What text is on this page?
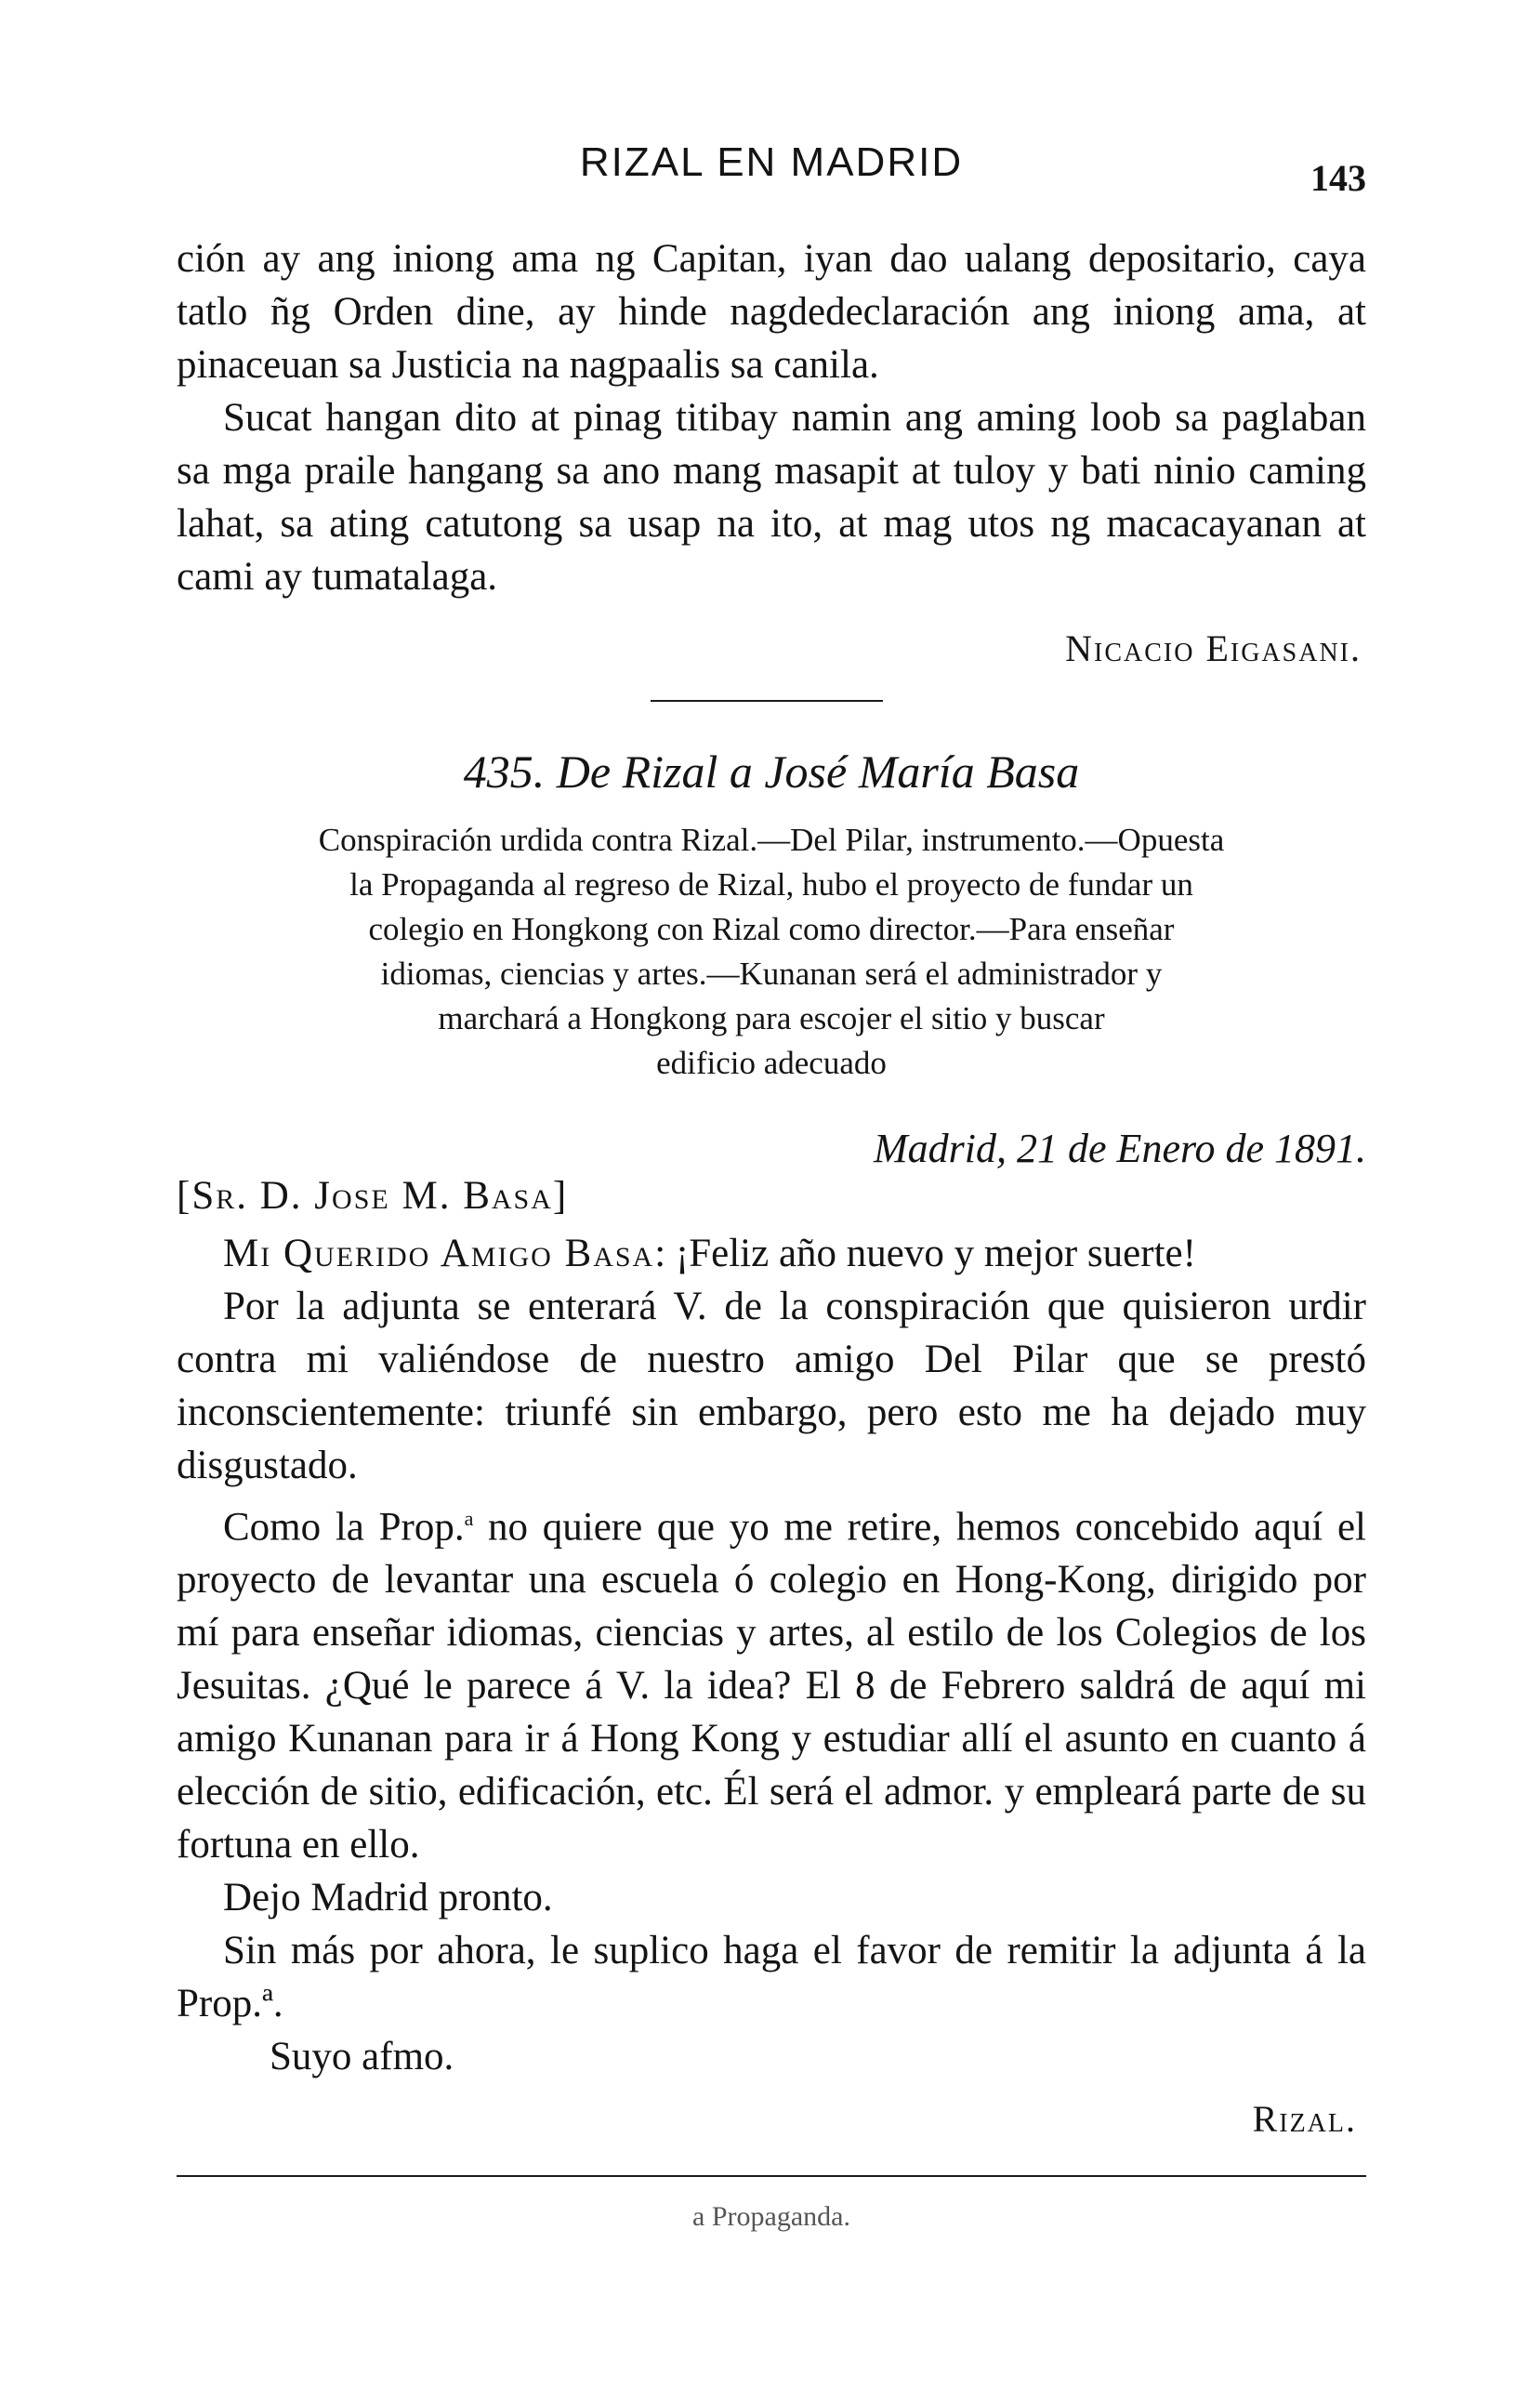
RIZAL EN MADRID	143

ción ay ang iniong ama ng Capitan, iyan dao ualang depositario, caya tatlo ñg Orden dine, ay hinde nagdedeclaración ang iniong ama, at pinaceuan sa Justicia na nagpaalis sa canila.

Sucat hangan dito at pinag titibay namin ang aming loob sa paglaban sa mga praile hangang sa ano mang masapit at tuloy y bati ninio caming lahat, sa ating catutong sa usap na ito, at mag utos ng macacayanan at cami ay tumatalaga.

Nicacio Eigasani.

435. De Rizal a José María Basa
Conspiración urdida contra Rizal.—Del Pilar, instrumento.—Opuesta
la Propaganda al regreso de Rizal, hubo el proyecto de fundar un
colegio en Hongkong con Rizal como director.—Para enseñar
idiomas, ciencias y artes.—Kunanan será el administrador y
marchará a Hongkong para escojer el sitio y buscar
edificio adecuado
Madrid, 21 de Enero de 1891.
[Sr. D. Jose M. Basa]

Mi Querido Amigo Basa: ¡Feliz año nuevo y mejor suerte!

Por la adjunta se enterará V. de la conspiración que quisieron urdir contra mi valiéndose de nuestro amigo Del Pilar que se prestó inconscientemente: triunfé sin embargo, pero esto me ha dejado muy disgustado.

Como la Prop.$^a$ no quiere que yo me retire, hemos concebido aquí el proyecto de levantar una escuela ó colegio en Hong-Kong, dirigido por mí para enseñar idiomas, ciencias y artes, al estilo de los Colegios de los Jesuitas. ¿Qué le parece á V. la idea? El 8 de Febrero saldrá de aquí mi amigo Kunanan para ir á Hong Kong y estudiar allí el asunto en cuanto á elección de sitio, edificación, etc. Él será el admor. y empleará parte de su fortuna en ello.

Dejo Madrid pronto.

Sin más por ahora, le suplico haga el favor de remitir la adjunta á la Prop.ª.

Suyo afmo.

Rizal.

a Propaganda.
